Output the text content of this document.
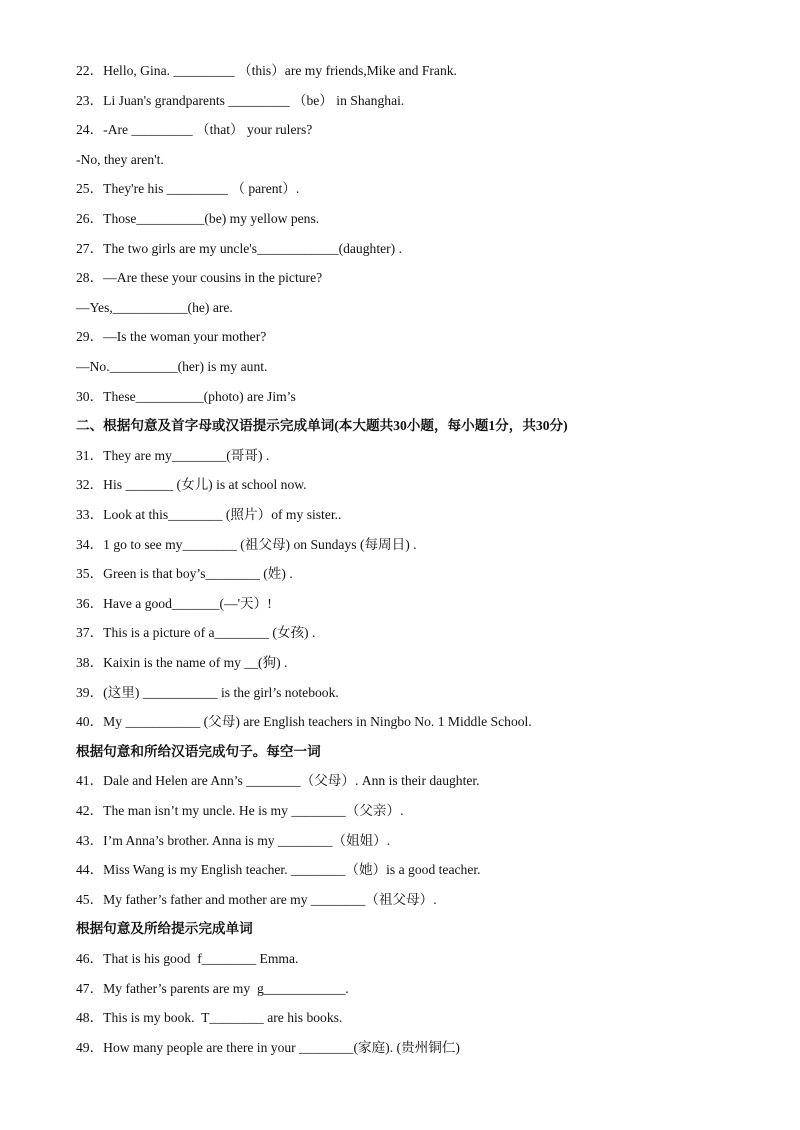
22．Hello, Gina. _________ （this）are my friends,Mike and Frank.
23．Li Juan's grandparents _________ （be） in Shanghai.
24．-Are _________ （that） your rulers?
-No, they aren't.
25．They're his _________ （ parent）.
26．Those__________(be) my yellow pens.
27．The two girls are my uncle's____________(daughter) .
28．—Are these your cousins in the picture?
—Yes,___________(he) are.
29．—Is the woman your mother?
—No.__________(her) is my aunt.
30．These__________(photo) are Jim’s
二、根据句意及首字母或汉语提示完成单词(本大题共30小题，每小题1分，共30分)
31．They are my________(哥哥) .
32．His _______ (女儿) is at school now.
33．Look at this________ (照片）of my sister..
34．1 go to see my________ (祖父母) on Sundays (每周日) .
35．Green is that boy’s________ (姓) .
36．Have a good_______(—'天）!
37．This is a picture of a________ (女孩) .
38．Kaixin is the name of my __(狗) .
39．(这里) ___________ is the girl’s notebook.
40．My ___________ (父母) are English teachers in Ningbo No. 1 Middle School.
根据句意和所给汉语完成句子。每空一词
41．Dale and Helen are Ann’s ________（父母）. Ann is their daughter.
42．The man isn’t my uncle. He is my ________（父亲）.
43．I’m Anna’s brother. Anna is my ________（姐姐）.
44．Miss Wang is my English teacher. ________（她）is a good teacher.
45．My father’s father and mother are my ________（祖父母）.
根据句意及所给提示完成单词
46．That is his good  f________ Emma.
47．My father’s parents are my  g____________.
48．This is my book.  T________ are his books.
49．How many people are there in your ________(家庭). (贵州铜仁)
